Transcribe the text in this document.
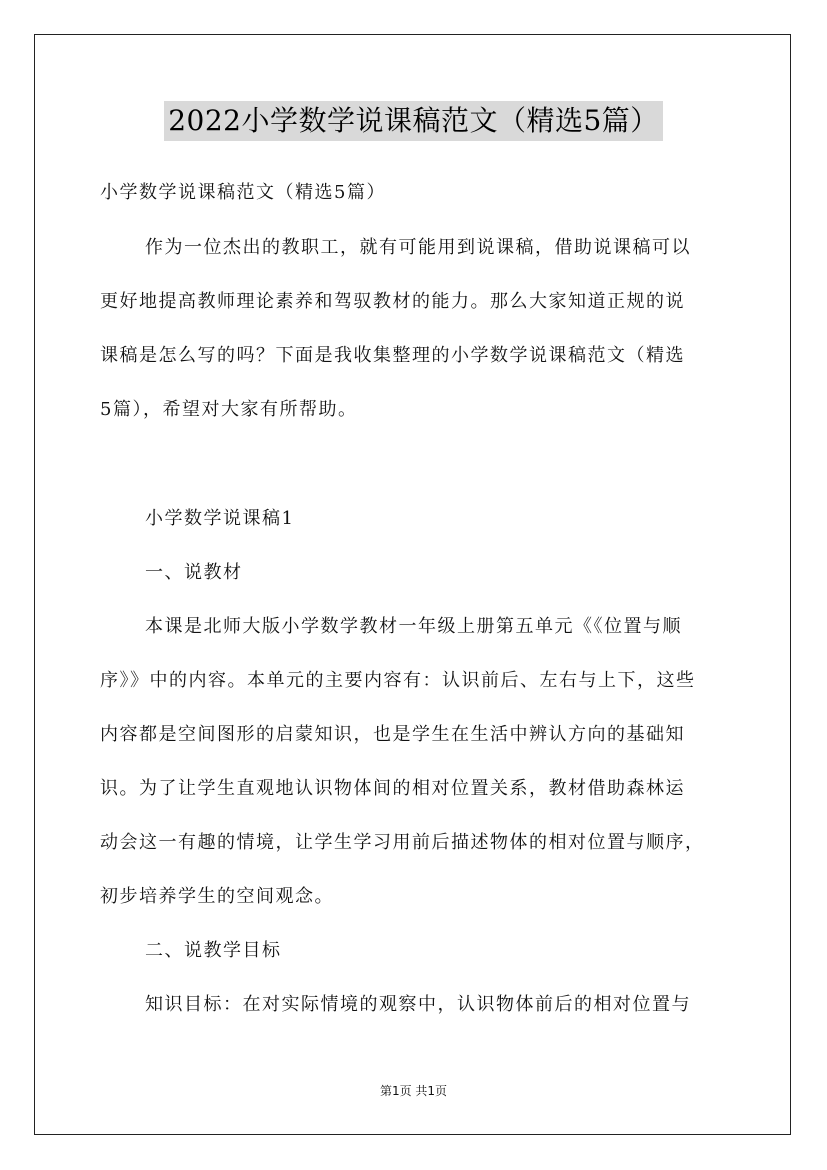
2022小学数学说课稿范文（精选5篇）
小学数学说课稿范文（精选5篇）
作为一位杰出的教职工，就有可能用到说课稿，借助说课稿可以
更好地提高教师理论素养和驾驭教材的能力。那么大家知道正规的说
课稿是怎么写的吗？下面是我收集整理的小学数学说课稿范文（精选
5篇），希望对大家有所帮助。
小学数学说课稿1
一、说教材
本课是北师大版小学数学教材一年级上册第五单元《《位置与顺
序》》中的内容。本单元的主要内容有：认识前后、左右与上下，这些
内容都是空间图形的启蒙知识，也是学生在生活中辨认方向的基础知
识。为了让学生直观地认识物体间的相对位置关系，教材借助森林运
动会这一有趣的情境，让学生学习用前后描述物体的相对位置与顺序，
初步培养学生的空间观念。
二、说教学目标
知识目标：在对实际情境的观察中，认识物体前后的相对位置与
第1页 共1页
